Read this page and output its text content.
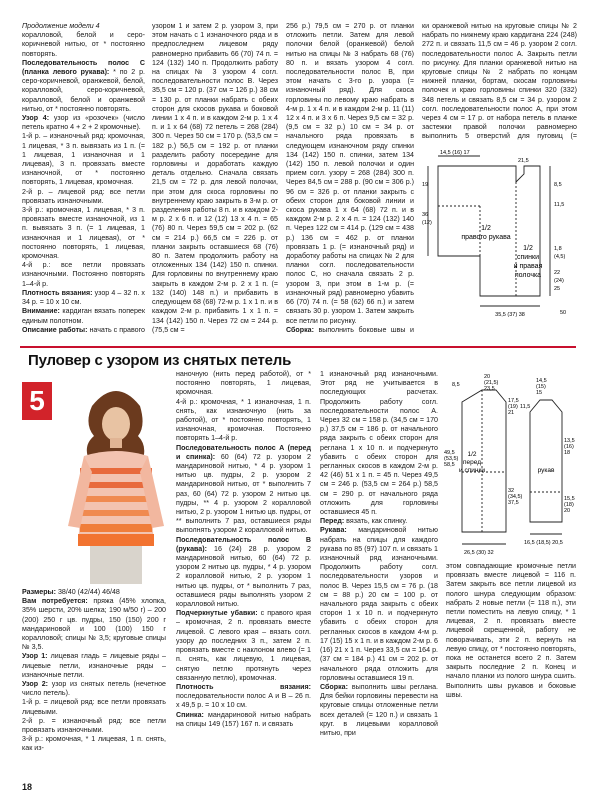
Продолжение модели 4

коралловой, белой и серо-коричневой нитью, от * постоянно повторять.

Последовательность полос С (планка левого рукава): * по 2 р. серо-коричневой, оранжевой, белой, коралловой, серо-коричневой, коралловой, белой и оранжевой нитью, от * постоянно повторять.

Узор 4: узор из «розочек» (число петель кратно 4 + 2 + 2 кромочные).

1-й р. – изнаночный ряд: кромочная, 1 лицевая, * 3 п. вывязать из 1 п. (= 1 лицевая, 1 изнаночная и 1 лицевая), 3 п. провязать вместе изнаночной, от * постоянно повторять, 1 лицевая, кромочная.

2-й р. – лицевой ряд: все петли провязать изнаночными.

3-й р.: кромочная, 1 лицевая, * 3 п. провязать вместе изнаночной, из 1 п. вывязать 3 п. (= 1 лицевая, 1 изнаночная и 1 лицевая), от * постоянно повторять, 1 лицевая, кромочная.

4-й р.: все петли провязать изнаночными. Постоянно повторять 1–4-й р.

Плотность вязания: узор 4 – 32 п. х 34 р. = 10 х 10 см.

Внимание: кардиган вязать поперек единым полотном.

Описание работы: начать с правого

узором 1 и затем 2 р. узором 3, при этом начать с 1 изнаночного ряда и в предпоследнем лицевом ряду равномерно прибавить 66 (70) 74 п. = 124 (132) 140 п. Продолжить работу на спицах № 3 узором 4 согл. последовательности полос В. Через 35,5 см = 120 р. (37 см = 126 р.) 38 см = 130 р. от планки набрать с обеих сторон для скосов рукава и боковой линии 1 х 4 п. и в каждом 2-м р. 1 х 4 п. и 1 х 64 (68) 72 петель = 268 (284) 300 п. Через 50 см = 170 р. (53,5 см = 182 р.) 56,5 см = 192 р. от планки разделить работу посередине для горловины и доработать каждую деталь отдельно. Сначала связать 21,5 см = 72 р. для левой полочки, при этом для скоса горловины по внутреннему краю закрыть в 3-м р. от разделения работы 8 п. и в каждом 2-м р. 2 х 6 п. и 12 (12) 13 х 4 п. = 65 (76) 80 п. Через 59,5 см = 202 р. (62 см = 214 р.) 66,5 см = 226 р. от планки закрыть оставшиеся 68 (76) 80 п. Затем продолжить работу на отложенных 134 (142) 150 п. спинки. Для горловины по внутреннему краю закрыть в каждом 2-м р. 2 х 1 п. (= 132 (140) 148 п.) и прибавить в следующем 68 (68) 72-м р. 1 х 1 п. и в каждом 2-м р. прибавить 1 х 1 п. = 134 (142) 150 п. Через 72 см = 244 р. (75,5 см =

256 р.) 79,5 см = 270 р. от планки отложить петли. Затем для левой полочки белой (оранжевой) белой нитью на спицы № 3 набрать 68 (76) 80 п. и вязать узором 4 согл. последовательности полос В, при этом начать с 3-го р. узора (= изнаночный ряд). Для скоса горловины по левому краю набрать в 4-м р. 1 х 4 п. и в каждом 2-м р. 11 (11) 12 х 4 п. и 3 х 6 п. Через 9,5 см = 32 р. (9,5 см = 32 р.) 10 см = 34 р. от начального ряда провязать в следующем изнаночном ряду спинки 134 (142) 150 п. спинки, затем 134 (142) 150 п. левой полочки и один прием согл. узору = 268 (284) 300 п. Через 84,5 см = 288 р. (90 см = 306 р.) 96 см = 326 р. от планки закрыть с обеих сторон для боковой линии и скоса рукава 1 х 64 (68) 72 п. и в каждом 2-м р. 2 х 4 п. = 124 (132) 140 п. Через 122 см = 414 р. (129 см = 438 р.) 136 см = 462 р. от планки провязать 1 р. (= изнаночный ряд) и доработку работы на спицах № 2 для планки согл. последовательности полос С, но сначала связать 2 р. узором 3, при этом в 1-м р. (= изнаночный ряд) равномерно убавить 66 (70) 74 п. (= 58 (62) 66 п.) и затем связать 30 р. узором 1. Затем закрыть все петли по рисунку.

Сборка: выполнить боковые швы и

ки оранжевой нитью на круговые спицы № 2 набрать по нижнему краю кардигана 224 (248) 272 п. и связать 11,5 см = 46 р. узором 2 согл. последовательности полос А. Закрыть петли по рисунку. Для планки оранжевой нитью на круговые спицы № 2 набрать по концам нижней планки, бортам, скосам горловины полочек и краю горловины спинки 320 (332) 348 петель и связать 8,5 см = 34 р. узором 2 согл. последовательности полос А, при этом через 4 см = 17 р. от набора петель в планке застежки правой полочки равномерно выполнить 5 отверстий для пуговиц (=

1/2
правого рукава
1/2
спинки
и правая
полочка
35,5 (37) 38	50
19
36
(12)
8,5
11,5
1,8
(4,5)
14,5 (16) 17
22
(24)
25
21,5
Пуловер с узором из снятых петель
5

Размеры: 38/40 (42/44) 46/48

Вам потребуется: пряжа (45% хлопка, 35% шерсти, 20% шелка; 190 м/50 г) – 200 (200) 250 г цв. пудры, 150 (150) 200 г мандариновой и 100 (100) 150 г коралловой; спицы № 3,5; круговые спицы № 3,5.

Узор 1: лицевая гладь = лицевые ряды – лицевые петли, изнаночные ряды – изнаночные петли.

Узор 2: узор из снятых петель (нечетное число петель).

1-й р. = лицевой ряд: все петли провязать лицевыми.

2-й р. = изнаночный ряд: все петли провязать изнаночными.

3-й р.: кромочная, * 1 лицевая, 1 п. снять, как из-

наночную (нить перед работой), от * постоянно повторять, 1 лицевая, кромочная.

4-й р.: кромочная, * 1 изнаночная, 1 п. снять, как изнаночную (нить за работой), от * постоянно повторять, 1 изнаночная, кромочная. Постоянно повторять 1–4-й р.

Последовательность полос А (перед и спинка): 60 (64) 72 р. узором 2 мандариновой нитью, * 4 р. узором 1 нитью цв. пудры, 2 р. узором 2 мандариновой нитью, от * выполнить 7 раз, 60 (64) 72 р. узором 2 нитью цв. пудры, ** 4 р. узором 2 коралловой нитью, 2 р. узором 1 нитью цв. пудры, от ** выполнить 7 раз, оставшиеся ряды выполнять узором 2 коралловой нитью.

Последовательность полос В (рукава): 16 (24) 28 р. узором 2 мандариновой нитью, 60 (64) 72 р. узором 2 нитью цв. пудры, * 4 р. узором 2 коралловой нитью, 2 р. узором 1 нитью цв. пудры, от * выполнить 7 раз, оставшиеся ряды выполнять узором 2 коралловой нитью.

Подчеркнутые убавки: с правого края – кромочная, 2 п. провязать вместе лицевой. С левого края – вязать согл. узору до последних 3 п., затем 2 п. провязать вместе с наклоном влево (= 1 п. снять, как лицевую, 1 лицевая, снятую петлю протянуть через связанную петлю), кромочная.

Плотность вязания: последовательности полос А и В – 26 п. х 49,5 р. = 10 х 10 см.

Спинка: мандариновой нитью набрать на спицы 149 (157) 167 п. и связать

1 изнаночный ряд изнаночными. Этот ряд не учитывается в последующих расчетах. Продолжить работу согл. последовательности полос А. Через 32 см = 158 р. (34,5 см = 170 р.) 37,5 см = 186 р. от начального ряда закрыть с обеих сторон для реглана 1 х 10 п. и подчеркнуто убавить с обеих сторон для регланных скосов в каждом 2-м р. 42 (46) 51 х 1 п. = 45 п. Через 49,5 см = 246 р. (53,5 см = 264 р.) 58,5 см = 290 р. от начального ряда отложить для горловины оставшиеся 45 п.

Перед: вязать, как спинку.

Рукава: мандариновой нитью набрать на спицы для каждого рукава по 85 (97) 107 п. и связать 1 изнаночный ряд изнаночными. Продолжить работу согл. последовательности узоров и полос В. Через 15,5 см = 76 р. (18 см = 88 р.) 20 см = 100 р. от начального ряда закрыть с обеих сторон 1 х 10 п. и подчеркнуто убавить с обеих сторон для регланных скосов в каждом 4-м р. 17 (15) 15 х 1 п. и в каждом 2-м р. 6 (16) 21 х 1 п. Через 33,5 см = 164 р. (37 см = 184 р.) 41 см = 202 р. от начального ряда отложить для горловины оставшиеся 19 п.

Сборка: выполнить швы реглана. Для бейки горловины перевести на круговые спицы отложенные петли всех деталей (= 120 п.) и связать 1 круг. в лицевыми коралловой нитью, при

8,5
20
(21,5)
23,5
17,5
(19)
21
49,5
(53,5)
58,5
1/2
перед
и спинки
32
(34,5)
37,5
26,5 (30) 32
14,5
(15)
15
11,5
13,5
(16)
18
рукав
15,5
(18)
20
16,5 (18,5) 20,5

этом совпадающие кромочные петли провязать вместе лицевой = 116 п. Затем закрыть все петли лицевой из полого шнура следующим образом: набрать 2 новые петли (= 118 п.), эти петли поместить на левую спицу, * 1 лицевая, 2 п. провязать вместе лицевой скрещенной, работу не поворачивать, эти 2 п. вернуть на левую спицу, от * постоянно повторять, пока не останется всего 2 п. Затем закрыть последние 2 п. Конец и начало планки из полого шнура сшить. Выполнить швы рукавов и боковые швы.

18
